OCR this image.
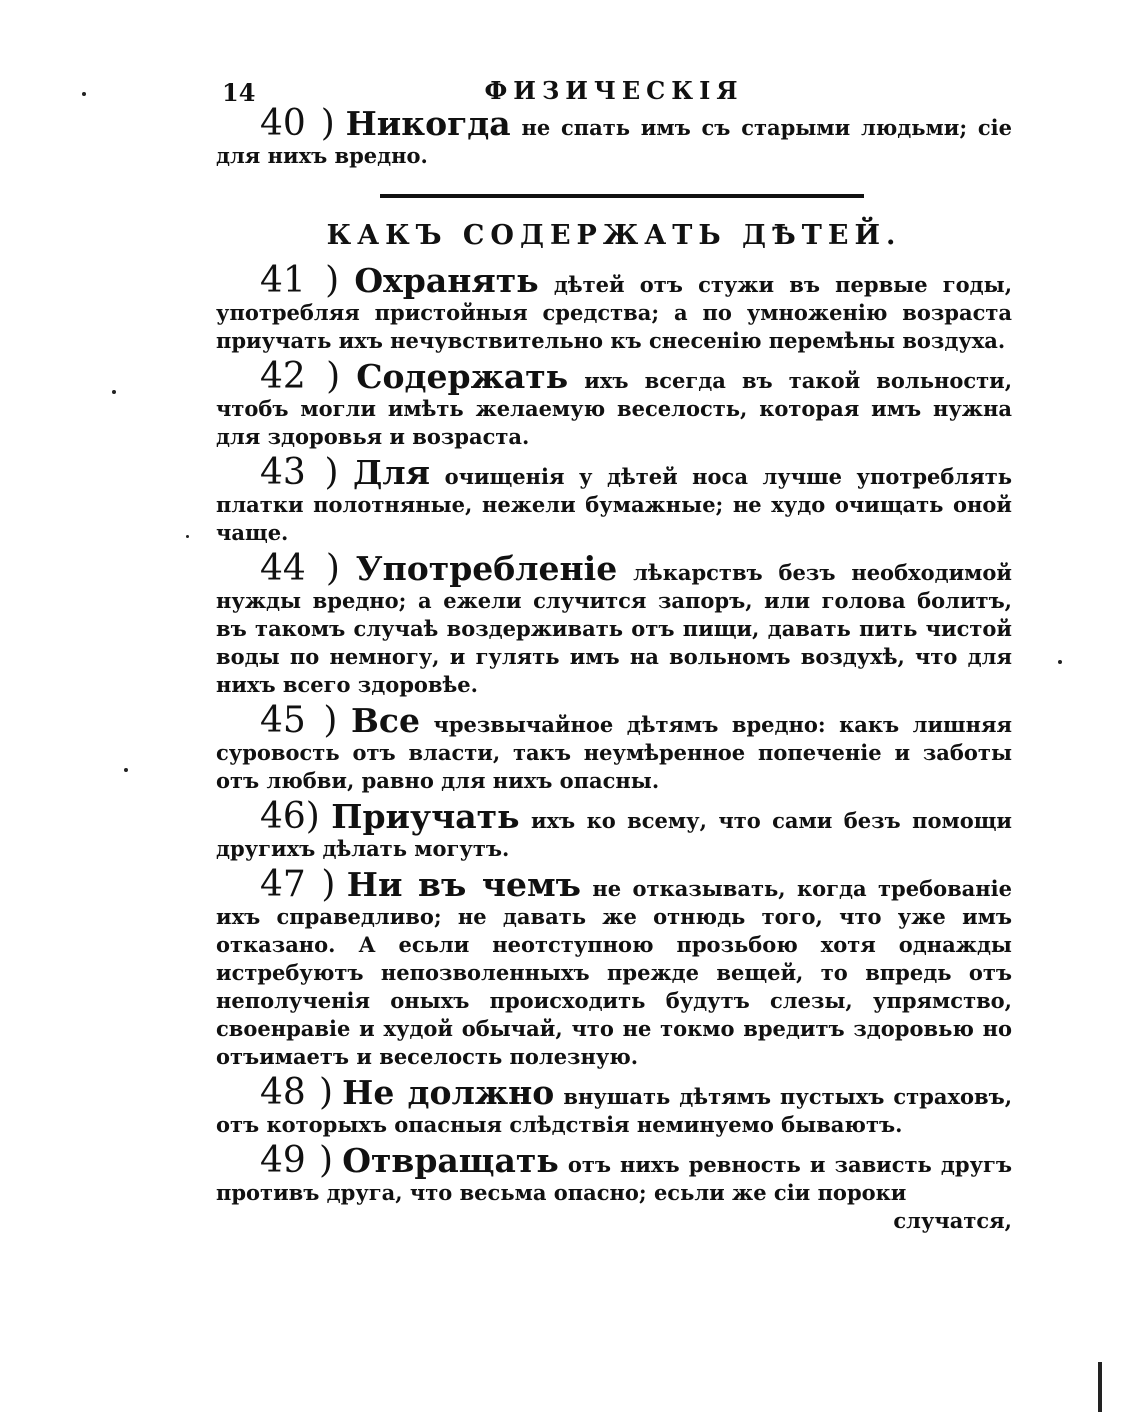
14	ФИЗИЧЕСКІЯ

40 ) Никогда не спать имъ съ старыми людьми; сіе для нихъ вредно.

КАКЪ СОДЕРЖАТЬ ДѢТЕЙ.

41 ) Охранять дѣтей отъ стужи въ первые годы, употребляя пристойныя средства; а по умноженію возраста приучать ихъ нечувствительно къ снесенію перемѣны воздуха.

42 ) Содержать ихъ всегда въ такой вольности, чтобъ могли имѣть желаемую веселость, которая имъ нужна для здоровья и возраста.

43 ) Для очищенія у дѣтей носа лучше употреблять платки полотняные, нежели бумажные; не худо очищать оной чаще.

44 ) Употребленіе лѣкарствъ безъ необходимой нужды вредно; а ежели случится запоръ, или голова болитъ, въ такомъ случаѣ воздерживать отъ пищи, давать пить чистой воды по немногу, и гулять имъ на вольномъ воздухѣ, что для нихъ всего здоровѣе.

45 ) Все чрезвычайное дѣтямъ вредно: какъ лишняя суровость отъ власти, такъ неумѣренное попеченіе и заботы отъ любви, равно для нихъ опасны.

46) Приучать ихъ ко всему, что сами безъ помощи другихъ дѣлать могутъ.

47 ) Ни въ чемъ не отказывать, когда требованіе ихъ справедливо; не давать же отнюдь того, что уже имъ отказано. А есьли неотступною прозьбою хотя однажды истребуютъ непозволенныхъ прежде вещей, то впредь отъ неполученія оныхъ происходить будутъ слезы, упрямство, своенравіе и худой обычай, что не токмо вредитъ здоровью но отъимаетъ и веселость полезную.

48 ) Не должно внушать дѣтямъ пустыхъ страховъ, отъ которыхъ опасныя слѣдствія неминуемо бываютъ.

49 ) Отвращать отъ нихъ ревность и зависть другъ противъ друга, что весьма опасно; есьли же сіи пороки
случатся,
